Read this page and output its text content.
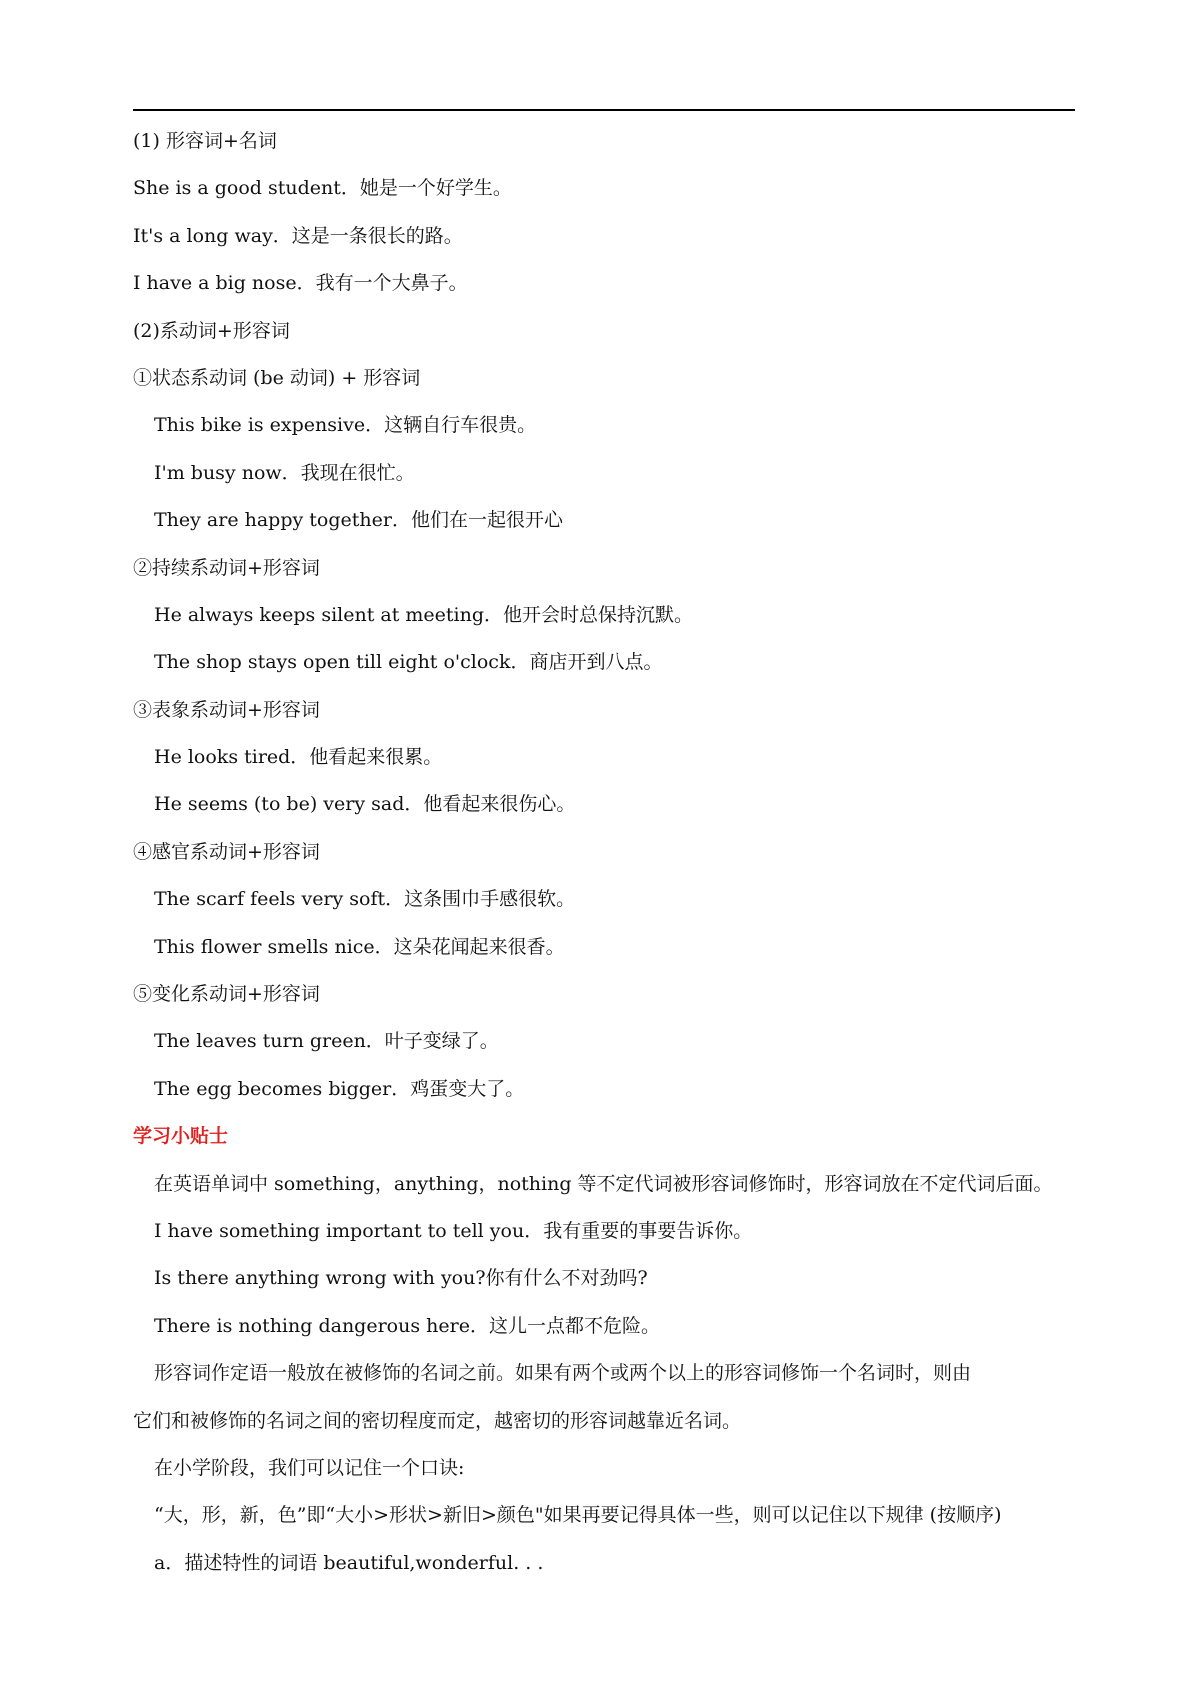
(1) 形容词+名词
She is a good student．她是一个好学生。
It's a long way．这是一条很长的路。
I have a big nose．我有一个大鼻子。
(2)系动词+形容词
①状态系动词 (be 动词) + 形容词
This bike is expensive．这辆自行车很贵。
I'm busy now．我现在很忙。
They are happy together．他们在一起很开心
②持续系动词+形容词
He always keeps silent at meeting．他开会时总保持沉默。
The shop stays open till eight o'clock．商店开到八点。
③表象系动词+形容词
He looks tired．他看起来很累。
He seems (to be) very sad．他看起来很伤心。
④感官系动词+形容词
The scarf feels very soft．这条围巾手感很软。
This flower smells nice．这朵花闻起来很香。
⑤变化系动词+形容词
The leaves turn green．叶子变绿了。
The egg becomes bigger．鸡蛋变大了。
学习小贴士
在英语单词中 something，anything，nothing 等不定代词被形容词修饰时，形容词放在不定代词后面。
I have something important to tell you．我有重要的事要告诉你。
Is there anything wrong with you?你有什么不对劲吗?
There is nothing dangerous here．这儿一点都不危险。
形容词作定语一般放在被修饰的名词之前。如果有两个或两个以上的形容词修饰一个名词时，则由
它们和被修饰的名词之间的密切程度而定，越密切的形容词越靠近名词。
在小学阶段，我们可以记住一个口诀:
“大，形，新，色”即“大小>形状>新旧>颜色"如果再要记得具体一些，则可以记住以下规律 (按顺序)
a．描述特性的词语 beautiful,wonderful. . .
